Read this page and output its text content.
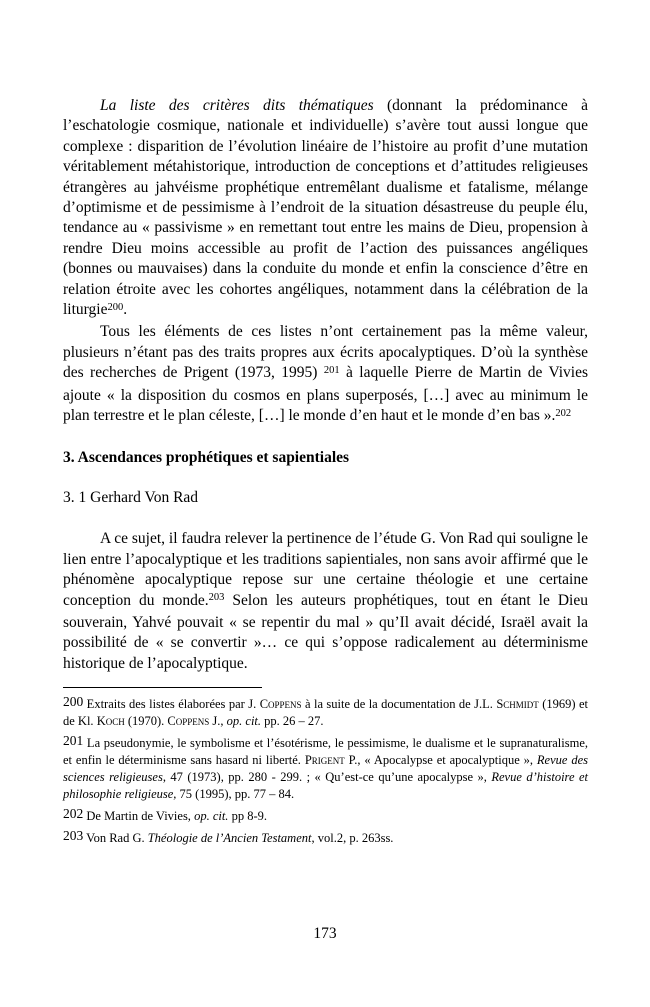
La liste des critères dits thématiques (donnant la prédominance à l’eschatologie cosmique, nationale et individuelle) s’avère tout aussi longue que complexe : disparition de l’évolution linéaire de l’histoire au profit d’une mutation véritablement métahistorique, introduction de conceptions et d’attitudes religieuses étrangères au jahvéisme prophétique entremêlant dualisme et fatalisme, mélange d’optimisme et de pessimisme à l’endroit de la situation désastreuse du peuple élu, tendance au « passivisme » en remettant tout entre les mains de Dieu, propension à rendre Dieu moins accessible au profit de l’action des puissances angéliques (bonnes ou mauvaises) dans la conduite du monde et enfin la conscience d’être en relation étroite avec les cohortes angéliques, notamment dans la célébration de la liturgie$^{200}$.

Tous les éléments de ces listes n’ont certainement pas la même valeur, plusieurs n’étant pas des traits propres aux écrits apocalyptiques. D’où la synthèse des recherches de Prigent (1973, 1995) $^{201}$ à laquelle Pierre de Martin de Vivies ajoute « la disposition du cosmos en plans superposés, […] avec au minimum le plan terrestre et le plan céleste, […] le monde d’en haut et le monde d’en bas ».$^{202}$

3. Ascendances prophétiques et sapientiales
3. 1 Gerhard Von Rad

A ce sujet, il faudra relever la pertinence de l’étude G. Von Rad qui souligne le lien entre l’apocalyptique et les traditions sapientiales, non sans avoir affirmé que le phénomène apocalyptique repose sur une certaine théologie et une certaine conception du monde.$^{203}$ Selon les auteurs prophétiques, tout en étant le Dieu souverain, Yahvé pouvait « se repentir du mal » qu’Il avait décidé, Israël avait la possibilité de « se convertir »… ce qui s’oppose radicalement au déterminisme historique de l’apocalyptique.

200 Extraits des listes élaborées par J. Coppens à la suite de la documentation de J.L. Schmidt (1969) et de Kl. Koch (1970). Coppens J., op. cit. pp. 26 – 27.

201 La pseudonymie, le symbolisme et l’ésotérisme, le pessimisme, le dualisme et le supranaturalisme, et enfin le déterminisme sans hasard ni liberté. Prigent P., « Apocalypse et apocalyptique », Revue des sciences religieuses, 47 (1973), pp. 280 - 299. ; « Qu’est-ce qu’une apocalypse », Revue d’histoire et philosophie religieuse, 75 (1995), pp. 77 – 84.

202 De Martin de Vivies, op. cit. pp 8-9.

203 Von Rad G. Théologie de l’Ancien Testament, vol.2, p. 263ss.

173
